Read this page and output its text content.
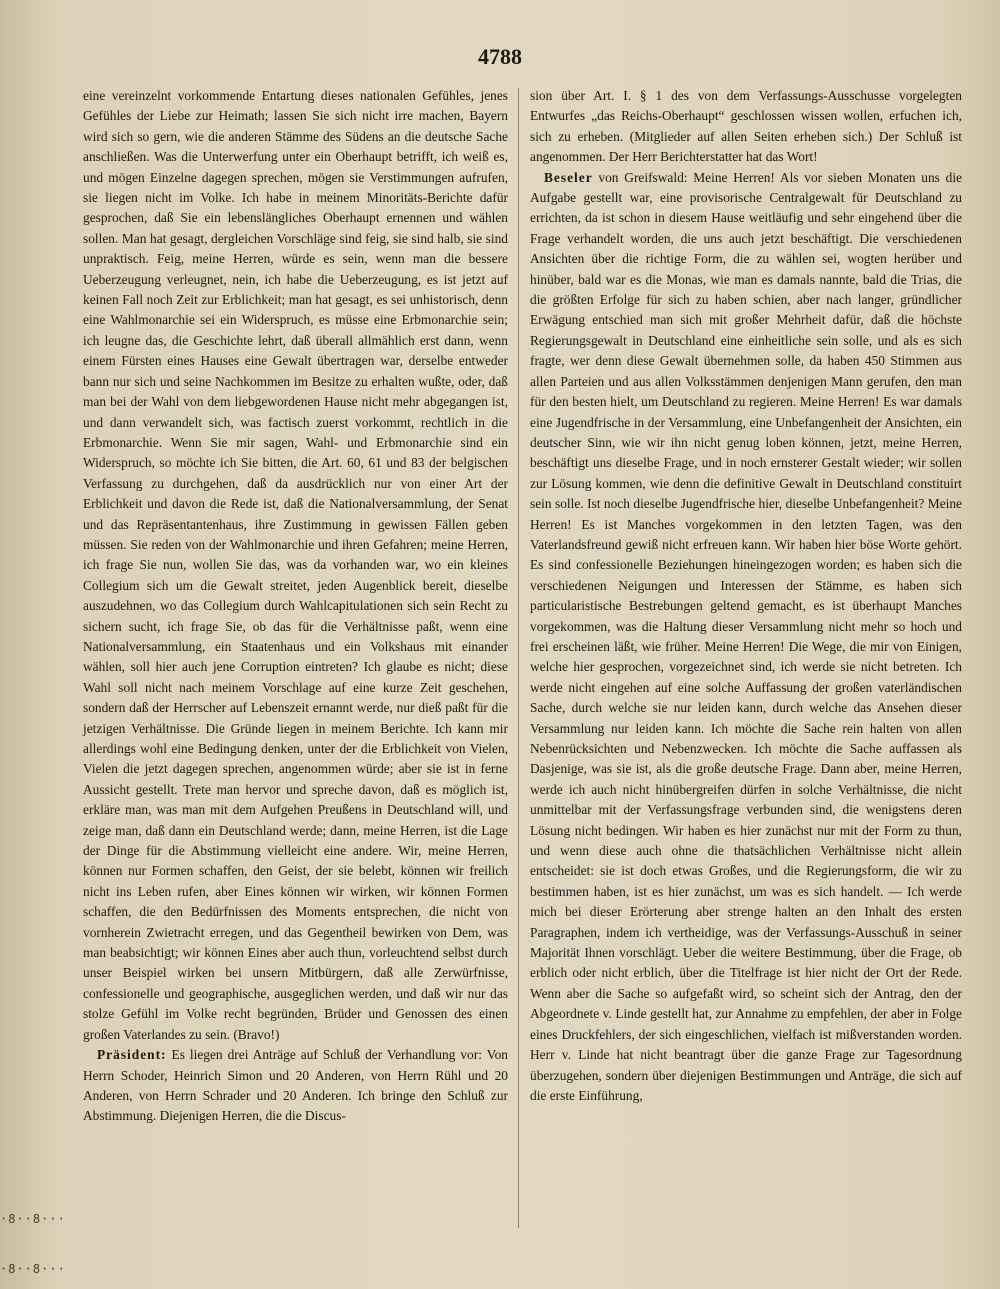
4788
·8··8···
·8··8···

eine vereinzelnt vorkommende Entartung dieses nationalen Gefühles, jenes Gefühles der Liebe zur Heimath; lassen Sie sich nicht irre machen, Bayern wird sich so gern, wie die anderen Stämme des Südens an die deutsche Sache anschließen. Was die Unterwerfung unter ein Oberhaupt betrifft, ich weiß es, und mögen Einzelne dagegen sprechen, mögen sie Verstimmungen aufrufen, sie liegen nicht im Volke. Ich habe in meinem Minoritäts-Berichte dafür gesprochen, daß Sie ein lebenslängliches Oberhaupt ernennen und wählen sollen. Man hat gesagt, dergleichen Vorschläge sind feig, sie sind halb, sie sind unpraktisch. Feig, meine Herren, würde es sein, wenn man die bessere Ueberzeugung verleugnet, nein, ich habe die Ueberzeugung, es ist jetzt auf keinen Fall noch Zeit zur Erblichkeit; man hat gesagt, es sei unhistorisch, denn eine Wahlmonarchie sei ein Widerspruch, es müsse eine Erbmonarchie sein; ich leugne das, die Geschichte lehrt, daß überall allmählich erst dann, wenn einem Fürsten eines Hauses eine Gewalt übertragen war, derselbe entweder bann nur sich und seine Nachkommen im Besitze zu erhalten wußte, oder, daß man bei der Wahl von dem liebgewordenen Hause nicht mehr abgegangen ist, und dann verwandelt sich, was factisch zuerst vorkommt, rechtlich in die Erbmonarchie. Wenn Sie mir sagen, Wahl- und Erbmonarchie sind ein Widerspruch, so möchte ich Sie bitten, die Art. 60, 61 und 83 der belgischen Verfassung zu durchgehen, daß da ausdrücklich nur von einer Art der Erblichkeit und davon die Rede ist, daß die Nationalversammlung, der Senat und das Repräsentantenhaus, ihre Zustimmung in gewissen Fällen geben müssen. Sie reden von der Wahlmonarchie und ihren Gefahren; meine Herren, ich frage Sie nun, wollen Sie das, was da vorhanden war, wo ein kleines Collegium sich um die Gewalt streitet, jeden Augenblick bereit, dieselbe auszudehnen, wo das Collegium durch Wahlcapitulationen sich sein Recht zu sichern sucht, ich frage Sie, ob das für die Verhältnisse paßt, wenn eine Nationalversammlung, ein Staatenhaus und ein Volkshaus mit einander wählen, soll hier auch jene Corruption eintreten? Ich glaube es nicht; diese Wahl soll nicht nach meinem Vorschlage auf eine kurze Zeit geschehen, sondern daß der Herrscher auf Lebenszeit ernannt werde, nur dieß paßt für die jetzigen Verhältnisse. Die Gründe liegen in meinem Berichte. Ich kann mir allerdings wohl eine Bedingung denken, unter der die Erblichkeit von Vielen, Vielen die jetzt dagegen sprechen, angenommen würde; aber sie ist in ferne Aussicht gestellt. Trete man hervor und spreche davon, daß es möglich ist, erkläre man, was man mit dem Aufgehen Preußens in Deutschland will, und zeige man, daß dann ein Deutschland werde; dann, meine Herren, ist die Lage der Dinge für die Abstimmung vielleicht eine andere. Wir, meine Herren, können nur Formen schaffen, den Geist, der sie belebt, können wir freilich nicht ins Leben rufen, aber Eines können wir wirken, wir können Formen schaffen, die den Bedürfnissen des Moments entsprechen, die nicht von vornherein Zwietracht erregen, und das Gegentheil bewirken von Dem, was man beabsichtigt; wir können Eines aber auch thun, vorleuchtend selbst durch unser Beispiel wirken bei unsern Mitbürgern, daß alle Zerwürfnisse, confessionelle und geographische, ausgeglichen werden, und daß wir nur das stolze Gefühl im Volke recht begründen, Brüder und Genossen des einen großen Vaterlandes zu sein. (Bravo!)

Präsident: Es liegen drei Anträge auf Schluß der Verhandlung vor: Von Herrn Schoder, Heinrich Simon und 20 Anderen, von Herrn Rühl und 20 Anderen, von Herrn Schrader und 20 Anderen. Ich bringe den Schluß zur Abstimmung. Diejenigen Herren, die die Discus-

sion über Art. I. § 1 des von dem Verfassungs-Ausschusse vorgelegten Entwurfes „das Reichs-Oberhaupt“ geschlossen wissen wollen, erfuchen ich, sich zu erheben. (Mitglieder auf allen Seiten erheben sich.) Der Schluß ist angenommen. Der Herr Berichterstatter hat das Wort!

Beseler von Greifswald: Meine Herren! Als vor sieben Monaten uns die Aufgabe gestellt war, eine provisorische Centralgewalt für Deutschland zu errichten, da ist schon in diesem Hause weitläufig und sehr eingehend über die Frage verhandelt worden, die uns auch jetzt beschäftigt. Die verschiedenen Ansichten über die richtige Form, die zu wählen sei, wogten herüber und hinüber, bald war es die Monas, wie man es damals nannte, bald die Trias, die die größten Erfolge für sich zu haben schien, aber nach langer, gründlicher Erwägung entschied man sich mit großer Mehrheit dafür, daß die höchste Regierungsgewalt in Deutschland eine einheitliche sein solle, und als es sich fragte, wer denn diese Gewalt übernehmen solle, da haben 450 Stimmen aus allen Parteien und aus allen Volksstämmen denjenigen Mann gerufen, den man für den besten hielt, um Deutschland zu regieren. Meine Herren! Es war damals eine Jugendfrische in der Versammlung, eine Unbefangenheit der Ansichten, ein deutscher Sinn, wie wir ihn nicht genug loben können, jetzt, meine Herren, beschäftigt uns dieselbe Frage, und in noch ernsterer Gestalt wieder; wir sollen zur Lösung kommen, wie denn die definitive Gewalt in Deutschland constituirt sein solle. Ist noch dieselbe Jugendfrische hier, dieselbe Unbefangenheit? Meine Herren! Es ist Manches vorgekommen in den letzten Tagen, was den Vaterlandsfreund gewiß nicht erfreuen kann. Wir haben hier böse Worte gehört. Es sind confessionelle Beziehungen hineingezogen worden; es haben sich die verschiedenen Neigungen und Interessen der Stämme, es haben sich particularistische Bestrebungen geltend gemacht, es ist überhaupt Manches vorgekommen, was die Haltung dieser Versammlung nicht mehr so hoch und frei erscheinen läßt, wie früher. Meine Herren! Die Wege, die mir von Einigen, welche hier gesprochen, vorgezeichnet sind, ich werde sie nicht betreten. Ich werde nicht eingehen auf eine solche Auffassung der großen vaterländischen Sache, durch welche sie nur leiden kann, durch welche das Ansehen dieser Versammlung nur leiden kann. Ich möchte die Sache rein halten von allen Nebenrücksichten und Nebenzwecken. Ich möchte die Sache auffassen als Dasjenige, was sie ist, als die große deutsche Frage. Dann aber, meine Herren, werde ich auch nicht hinübergreifen dürfen in solche Verhältnisse, die nicht unmittelbar mit der Verfassungsfrage verbunden sind, die wenigstens deren Lösung nicht bedingen. Wir haben es hier zunächst nur mit der Form zu thun, und wenn diese auch ohne die thatsächlichen Verhältnisse nicht allein entscheidet: sie ist doch etwas Großes, und die Regierungsform, die wir zu bestimmen haben, ist es hier zunächst, um was es sich handelt. — Ich werde mich bei dieser Erörterung aber strenge halten an den Inhalt des ersten Paragraphen, indem ich vertheidige, was der Verfassungs-Ausschuß in seiner Majorität Ihnen vorschlägt. Ueber die weitere Bestimmung, über die Frage, ob erblich oder nicht erblich, über die Titelfrage ist hier nicht der Ort der Rede. Wenn aber die Sache so aufgefaßt wird, so scheint sich der Antrag, den der Abgeordnete v. Linde gestellt hat, zur Annahme zu empfehlen, der aber in Folge eines Druckfehlers, der sich eingeschlichen, vielfach ist mißverstanden worden. Herr v. Linde hat nicht beantragt über die ganze Frage zur Tagesordnung überzugehen, sondern über diejenigen Bestimmungen und Anträge, die sich auf die erste Einführung,
